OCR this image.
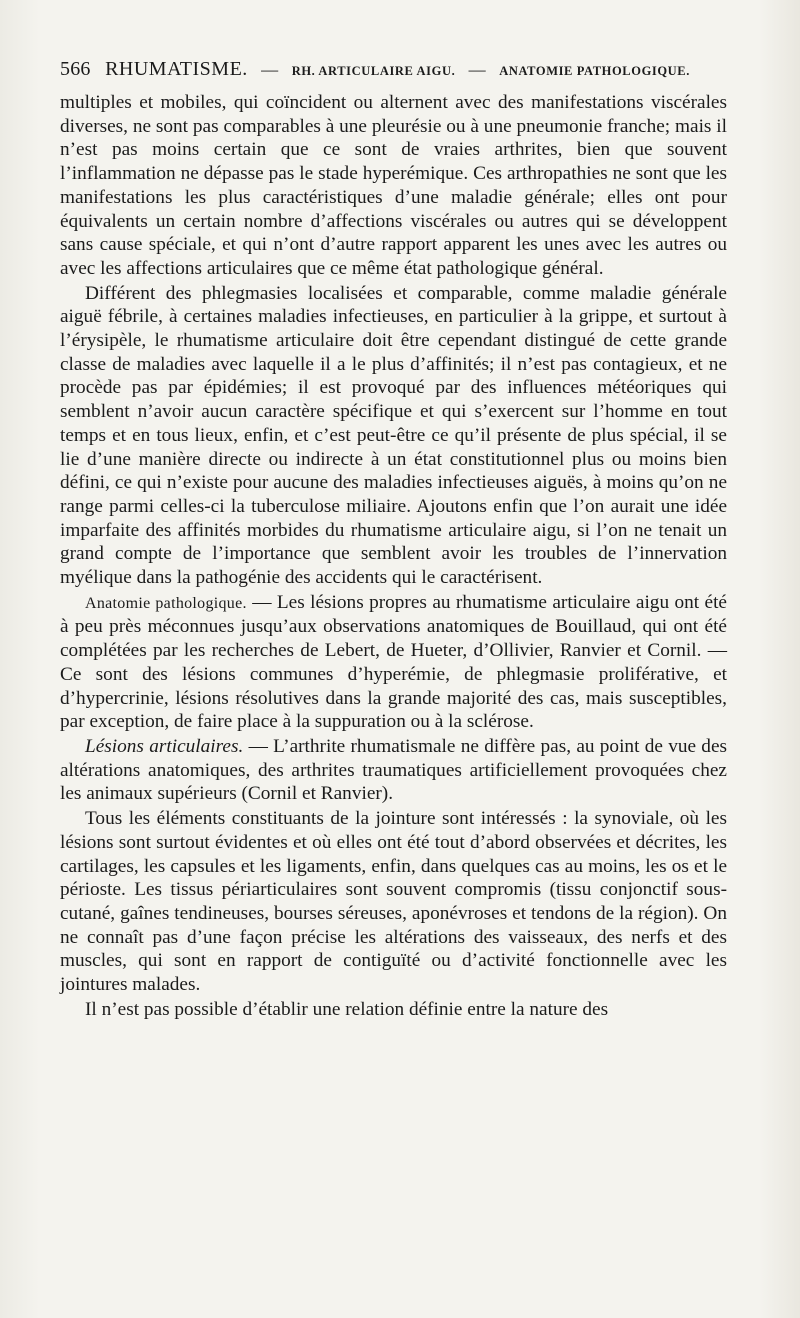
566 RHUMATISME.   —   RH. ARTICULAIRE AIGU.   —   ANATOMIE PATHOLOGIQUE.

multiples et mobiles, qui coïncident ou alternent avec des manifestations viscérales diverses, ne sont pas comparables à une pleurésie ou à une pneumonie franche; mais il n’est pas moins certain que ce sont de vraies arthrites, bien que souvent l’inflammation ne dépasse pas le stade hyperémique. Ces arthropathies ne sont que les manifestations les plus caractéristiques d’une maladie générale; elles ont pour équivalents un certain nombre d’affections viscérales ou autres qui se développent sans cause spéciale, et qui n’ont d’autre rapport apparent les unes avec les autres ou avec les affections articulaires que ce même état pathologique général.

Différent des phlegmasies localisées et comparable, comme maladie générale aiguë fébrile, à certaines maladies infectieuses, en particulier à la grippe, et surtout à l’érysipèle, le rhumatisme articulaire doit être cependant distingué de cette grande classe de maladies avec laquelle il a le plus d’affinités; il n’est pas contagieux, et ne procède pas par épidémies; il est provoqué par des influences météoriques qui semblent n’avoir aucun caractère spécifique et qui s’exercent sur l’homme en tout temps et en tous lieux, enfin, et c’est peut-être ce qu’il présente de plus spécial, il se lie d’une manière directe ou indirecte à un état constitutionnel plus ou moins bien défini, ce qui n’existe pour aucune des maladies infectieuses aiguës, à moins qu’on ne range parmi celles-ci la tuberculose miliaire. Ajoutons enfin que l’on aurait une idée imparfaite des affinités morbides du rhumatisme articulaire aigu, si l’on ne tenait un grand compte de l’importance que semblent avoir les troubles de l’innervation myélique dans la pathogénie des accidents qui le caractérisent.

Anatomie pathologique. — Les lésions propres au rhumatisme articulaire aigu ont été à peu près méconnues jusqu’aux observations anatomiques de Bouillaud, qui ont été complétées par les recherches de Lebert, de Hueter, d’Ollivier, Ranvier et Cornil. — Ce sont des lésions communes d’hyperémie, de phlegmasie proliférative, et d’hypercrinie, lésions résolutives dans la grande majorité des cas, mais susceptibles, par exception, de faire place à la suppuration ou à la sclérose.

Lésions articulaires. — L’arthrite rhumatismale ne diffère pas, au point de vue des altérations anatomiques, des arthrites traumatiques artificiellement provoquées chez les animaux supérieurs (Cornil et Ranvier).

Tous les éléments constituants de la jointure sont intéressés : la synoviale, où les lésions sont surtout évidentes et où elles ont été tout d’abord observées et décrites, les cartilages, les capsules et les ligaments, enfin, dans quelques cas au moins, les os et le périoste. Les tissus périarticulaires sont souvent compromis (tissu conjonctif sous-cutané, gaînes tendineuses, bourses séreuses, aponévroses et tendons de la région). On ne connaît pas d’une façon précise les altérations des vaisseaux, des nerfs et des muscles, qui sont en rapport de contiguïté ou d’activité fonctionnelle avec les jointures malades.

Il n’est pas possible d’établir une relation définie entre la nature des
